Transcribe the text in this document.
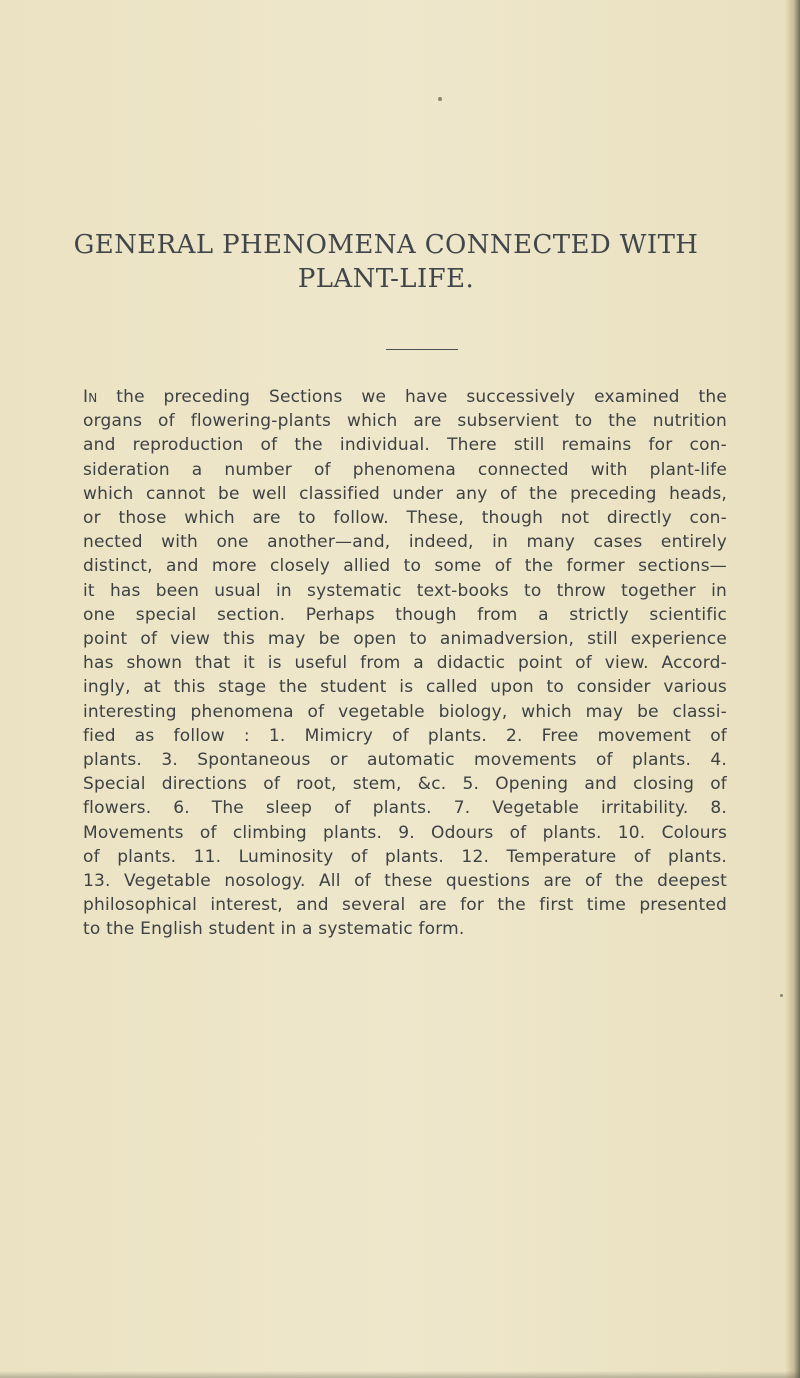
GENERAL PHENOMENA CONNECTED WITH
PLANT-LIFE.
In the preceding Sections we have successively examined the
organs of flowering-plants which are subservient to the nutrition
and reproduction of the individual. There still remains for con-
sideration a number of phenomena connected with plant-life
which cannot be well classified under any of the preceding heads,
or those which are to follow. These, though not directly con-
nected with one another—and, indeed, in many cases entirely
distinct, and more closely allied to some of the former sections—
it has been usual in systematic text-books to throw together in
one special section. Perhaps though from a strictly scientific
point of view this may be open to animadversion, still experience
has shown that it is useful from a didactic point of view. Accord-
ingly, at this stage the student is called upon to consider various
interesting phenomena of vegetable biology, which may be classi-
fied as follow : 1. Mimicry of plants. 2. Free movement of
plants. 3. Spontaneous or automatic movements of plants. 4.
Special directions of root, stem, &c. 5. Opening and closing of
flowers. 6. The sleep of plants. 7. Vegetable irritability. 8.
Movements of climbing plants. 9. Odours of plants. 10. Colours
of plants. 11. Luminosity of plants. 12. Temperature of plants.
13. Vegetable nosology. All of these questions are of the deepest
philosophical interest, and several are for the first time presented
to the English student in a systematic form.
